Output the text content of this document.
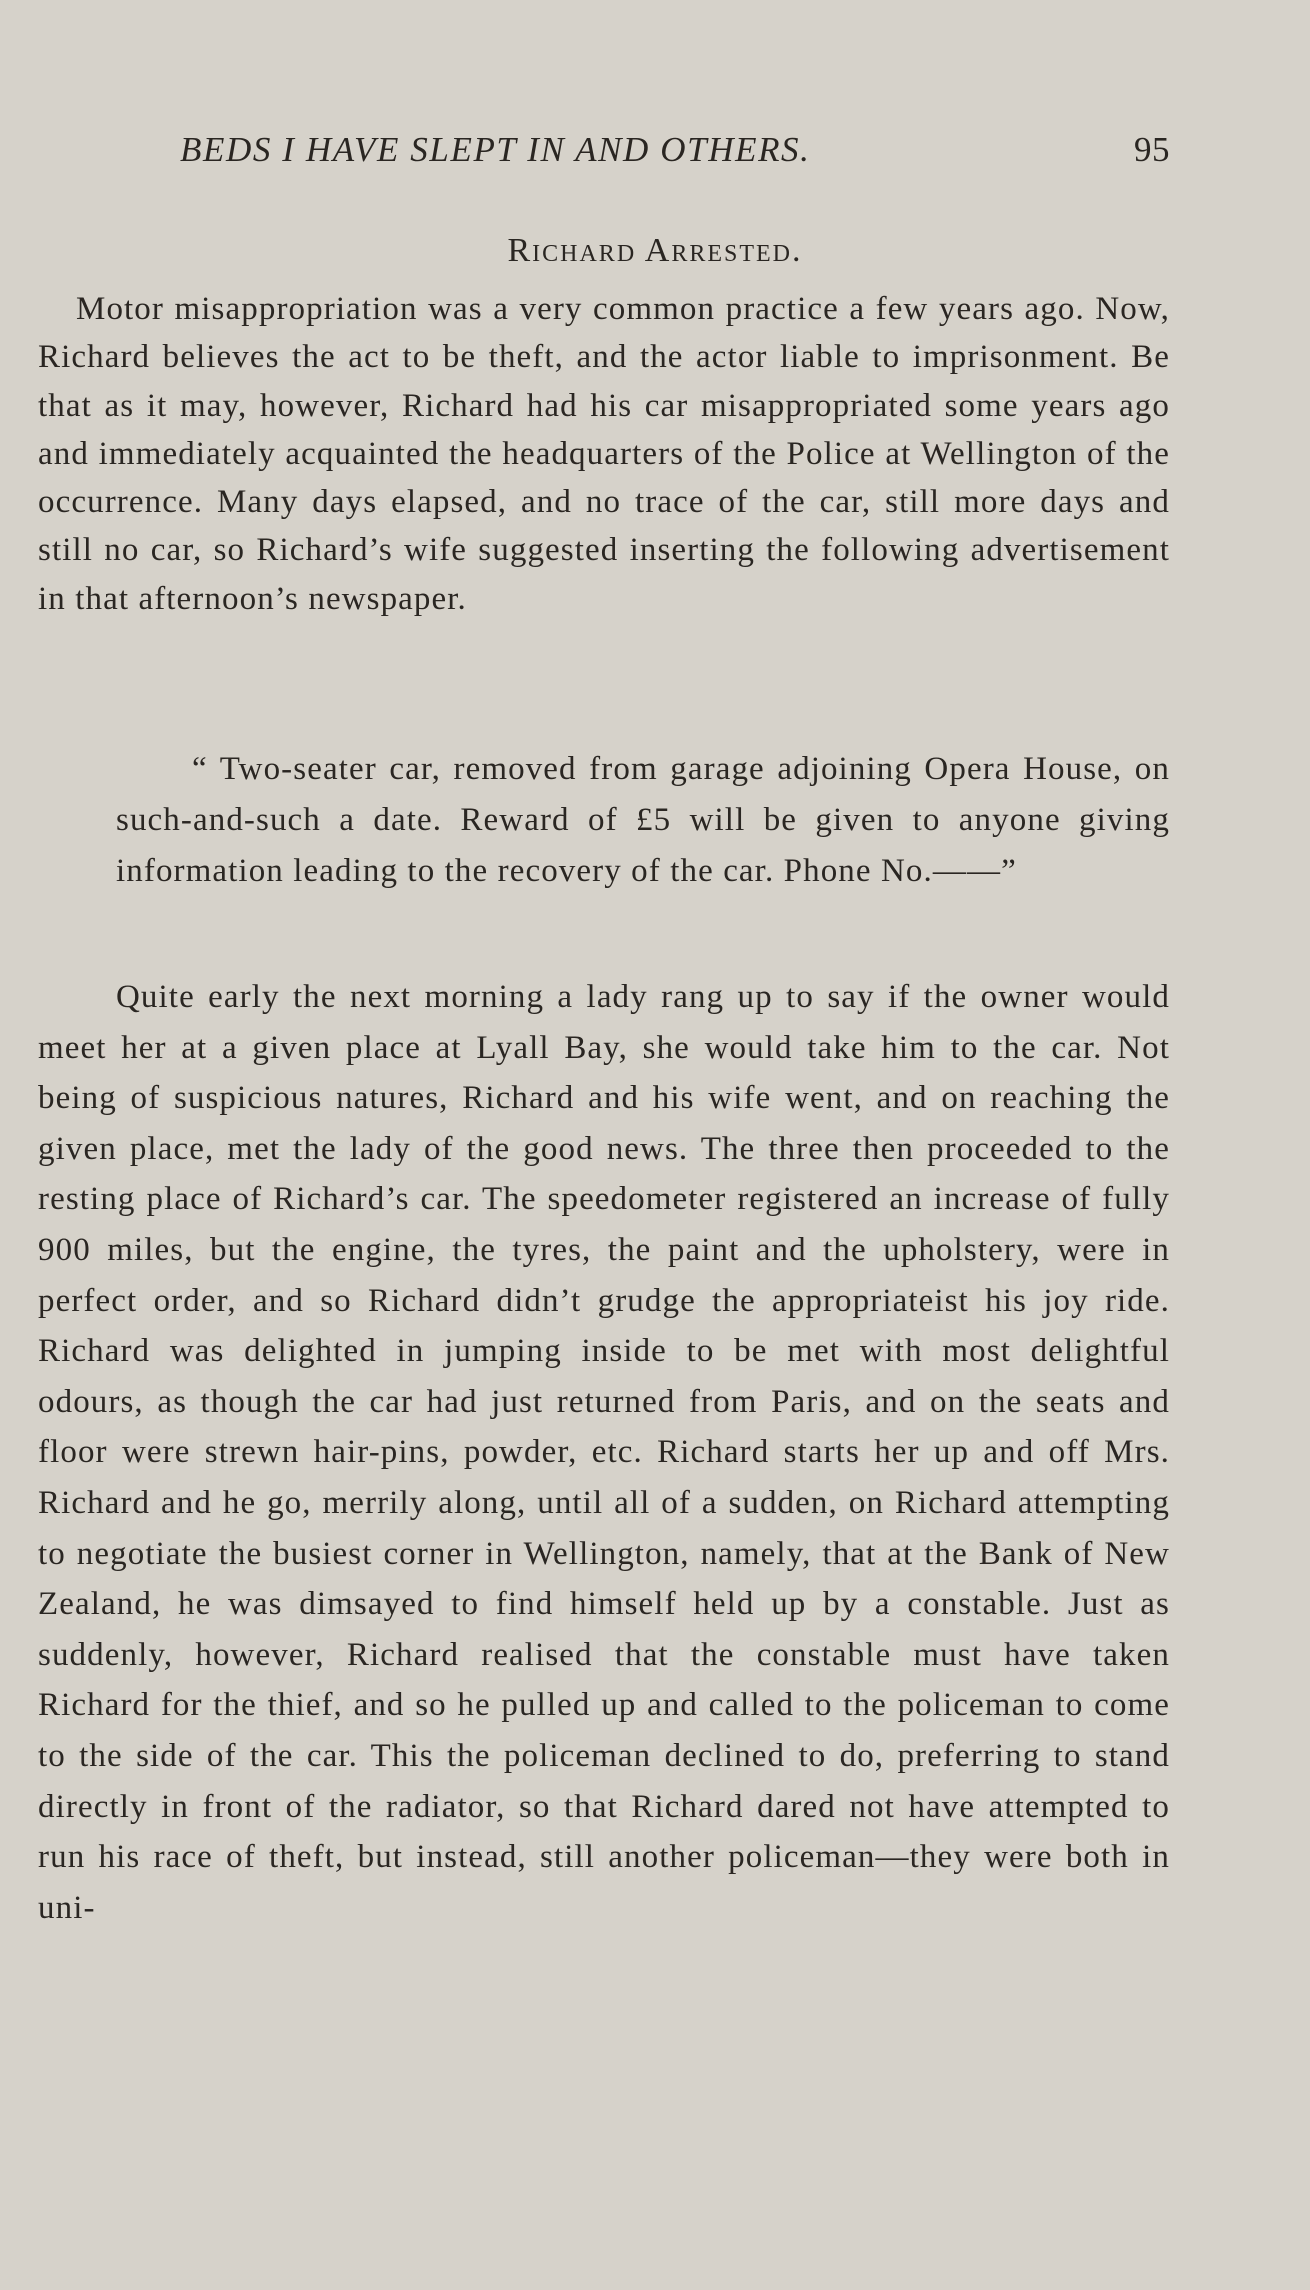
BEDS I HAVE SLEPT IN AND OTHERS.	95
Richard Arrested.

Motor misappropriation was a very common practice a few years ago. Now, Richard believes the act to be theft, and the actor liable to imprisonment. Be that as it may, however, Richard had his car misappropriated some years ago and immediately acquainted the headquarters of the Police at Wellington of the occurrence. Many days elapsed, and no trace of the car, still more days and still no car, so Richard’s wife suggested inserting the following advertisement in that afternoon’s newspaper.

“ Two-seater car, removed from garage adjoining Opera House, on such-and-such a date. Reward of £5 will be given to anyone giving information leading to the recovery of the car. Phone No.——”

Quite early the next morning a lady rang up to say if the owner would meet her at a given place at Lyall Bay, she would take him to the car. Not being of suspicious natures, Richard and his wife went, and on reaching the given place, met the lady of the good news. The three then proceeded to the resting place of Richard’s car. The speedometer registered an increase of fully 900 miles, but the engine, the tyres, the paint and the upholstery, were in perfect order, and so Richard didn’t grudge the appropriateist his joy ride. Richard was delighted in jumping inside to be met with most delightful odours, as though the car had just returned from Paris, and on the seats and floor were strewn hair-pins, powder, etc. Richard starts her up and off Mrs. Richard and he go, merrily along, until all of a sudden, on Richard attempting to negotiate the busiest corner in Wellington, namely, that at the Bank of New Zealand, he was dimsayed to find himself held up by a constable. Just as suddenly, however, Richard realised that the constable must have taken Richard for the thief, and so he pulled up and called to the policeman to come to the side of the car. This the policeman declined to do, preferring to stand directly in front of the radiator, so that Richard dared not have attempted to run his race of theft, but instead, still another policeman—they were both in uni-
